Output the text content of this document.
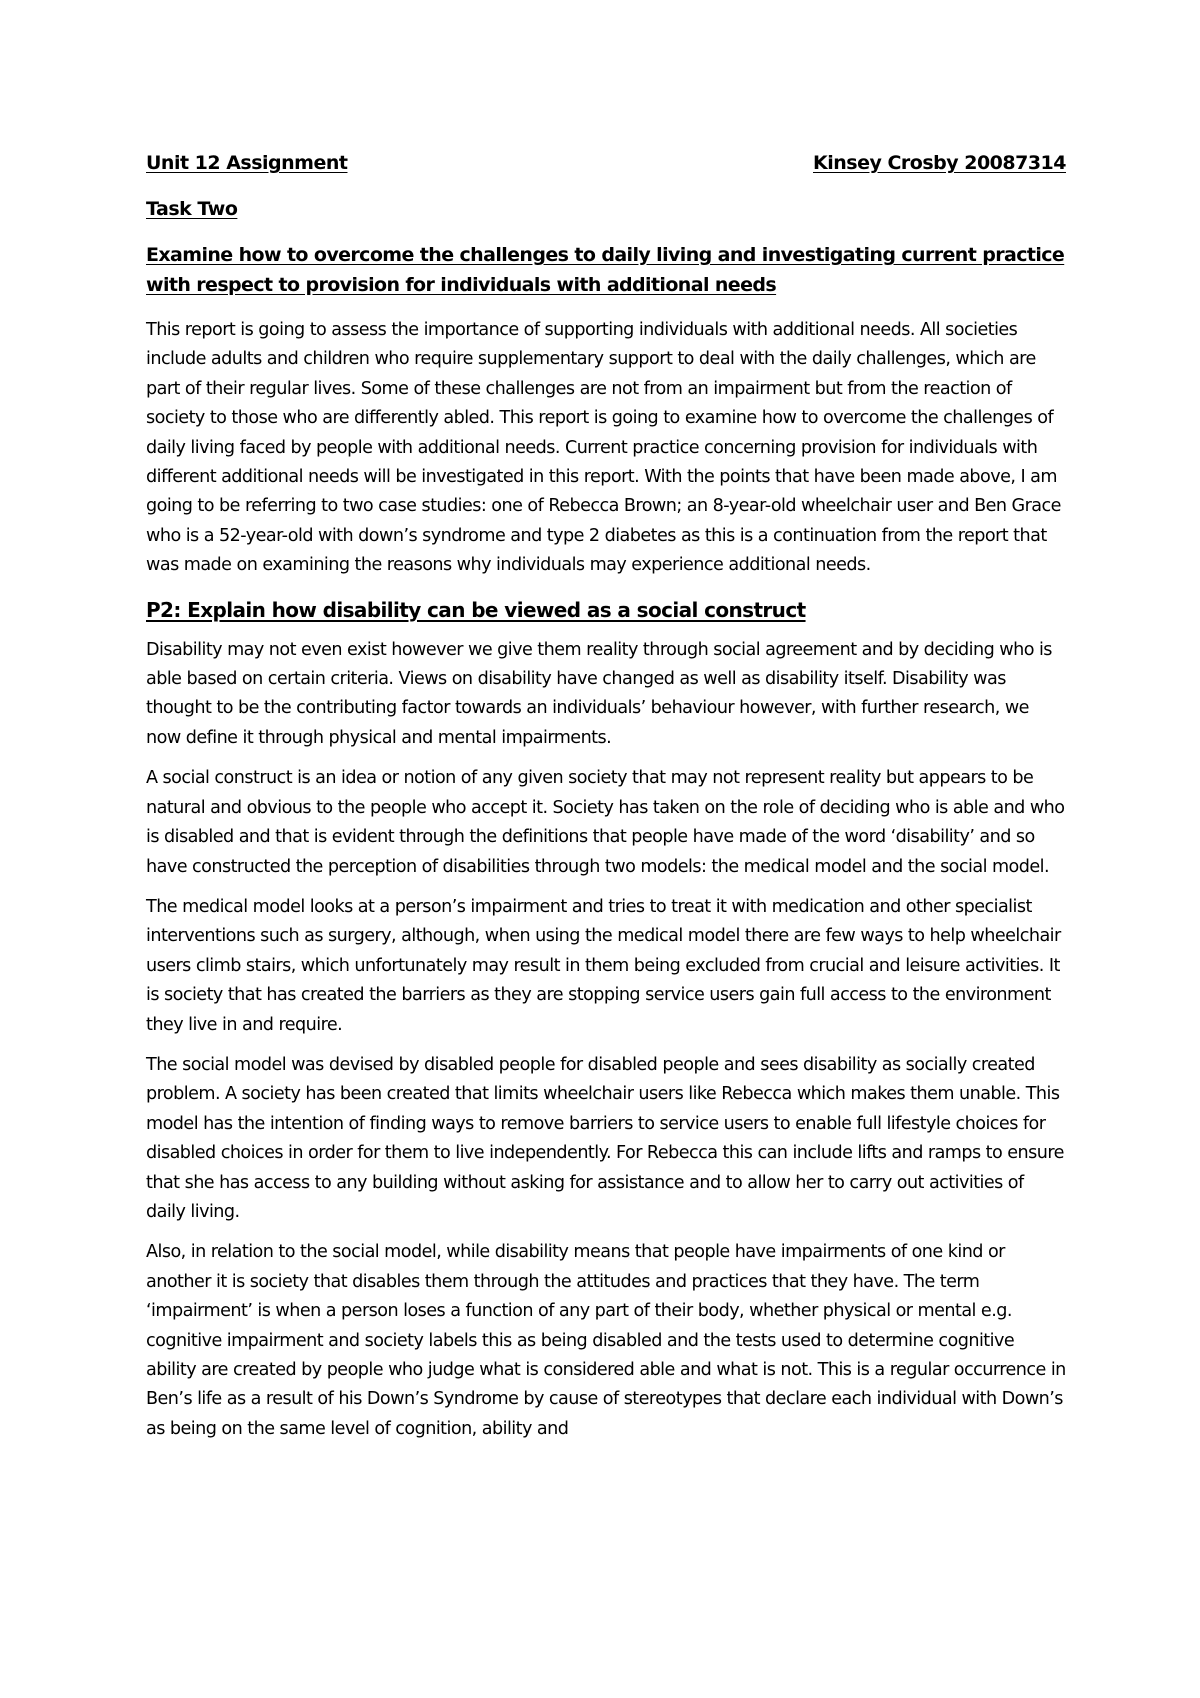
Unit 12 Assignment	Kinsey Crosby 20087314
Task Two
Examine how to overcome the challenges to daily living and investigating current practice with respect to provision for individuals with additional needs

This report is going to assess the importance of supporting individuals with additional needs. All societies include adults and children who require supplementary support to deal with the daily challenges, which are part of their regular lives. Some of these challenges are not from an impairment but from the reaction of society to those who are differently abled. This report is going to examine how to overcome the challenges of daily living faced by people with additional needs. Current practice concerning provision for individuals with different additional needs will be investigated in this report. With the points that have been made above, I am going to be referring to two case studies: one of Rebecca Brown; an 8-year-old wheelchair user and Ben Grace who is a 52-year-old with down’s syndrome and type 2 diabetes as this is a continuation from the report that was made on examining the reasons why individuals may experience additional needs.

P2: Explain how disability can be viewed as a social construct

Disability may not even exist however we give them reality through social agreement and by deciding who is able based on certain criteria. Views on disability have changed as well as disability itself. Disability was thought to be the contributing factor towards an individuals’ behaviour however, with further research, we now define it through physical and mental impairments.

A social construct is an idea or notion of any given society that may not represent reality but appears to be natural and obvious to the people who accept it. Society has taken on the role of deciding who is able and who is disabled and that is evident through the definitions that people have made of the word ‘disability’ and so have constructed the perception of disabilities through two models: the medical model and the social model.

The medical model looks at a person’s impairment and tries to treat it with medication and other specialist interventions such as surgery, although, when using the medical model there are few ways to help wheelchair users climb stairs, which unfortunately may result in them being excluded from crucial and leisure activities. It is society that has created the barriers as they are stopping service users gain full access to the environment they live in and require.

The social model was devised by disabled people for disabled people and sees disability as socially created problem. A society has been created that limits wheelchair users like Rebecca which makes them unable. This model has the intention of finding ways to remove barriers to service users to enable full lifestyle choices for disabled choices in order for them to live independently. For Rebecca this can include lifts and ramps to ensure that she has access to any building without asking for assistance and to allow her to carry out activities of daily living.

Also, in relation to the social model, while disability means that people have impairments of one kind or another it is society that disables them through the attitudes and practices that they have. The term ‘impairment’ is when a person loses a function of any part of their body, whether physical or mental e.g. cognitive impairment and society labels this as being disabled and the tests used to determine cognitive ability are created by people who judge what is considered able and what is not. This is a regular occurrence in Ben’s life as a result of his Down’s Syndrome by cause of stereotypes that declare each individual with Down’s as being on the same level of cognition, ability and
